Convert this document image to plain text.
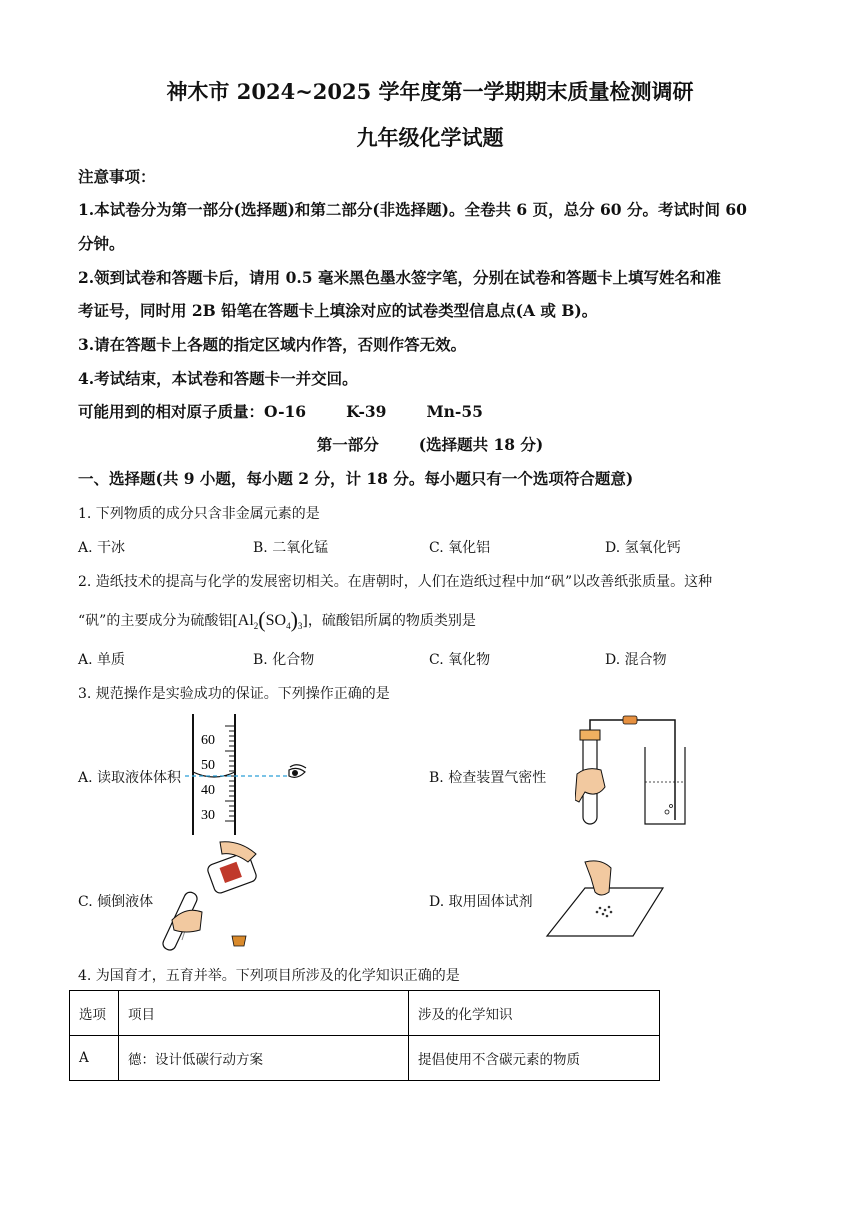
神木市 2024~2025 学年度第一学期期末质量检测调研
九年级化学试题
注意事项：
1.本试卷分为第一部分(选择题)和第二部分(非选择题)。全卷共 6 页，总分 60 分。考试时间 60
分钟。
2.领到试卷和答题卡后，请用 0.5 毫米黑色墨水签字笔，分别在试卷和答题卡上填写姓名和准
考证号，同时用 2B 铅笔在答题卡上填涂对应的试卷类型信息点(A 或 B)。
3.请在答题卡上各题的指定区域内作答，否则作答无效。
4.考试结束，本试卷和答题卡一并交回。
可能用到的相对原子质量：O-16	K-39	Mn-55
第一部分	(选择题共 18 分)
一、选择题(共 9 小题，每小题 2 分，计 18 分。每小题只有一个选项符合题意)
1. 下列物质的成分只含非金属元素的是
A. 干冰	B. 二氧化锰	C. 氧化铝	D. 氢氧化钙
2. 造纸技术的提高与化学的发展密切相关。在唐朝时，人们在造纸过程中加“矾”以改善纸张质量。这种
“矾”的主要成分为硫酸铝$[Al_2(SO_4)_3]$，硫酸铝所属的物质类别是
A. 单质	B. 化合物	C. 氧化物	D. 混合物
3. 规范操作是实验成功的保证。下列操作正确的是
60
50
40
30
A. 读取液体体积	B. 检查装置气密性
C. 倾倒液体	D. 取用固体试剂
4. 为国育才，五育并举。下列项目所涉及的化学知识正确的是
选项	项目	涉及的化学知识
A	德：设计低碳行动方案	提倡使用不含碳元素的物质
